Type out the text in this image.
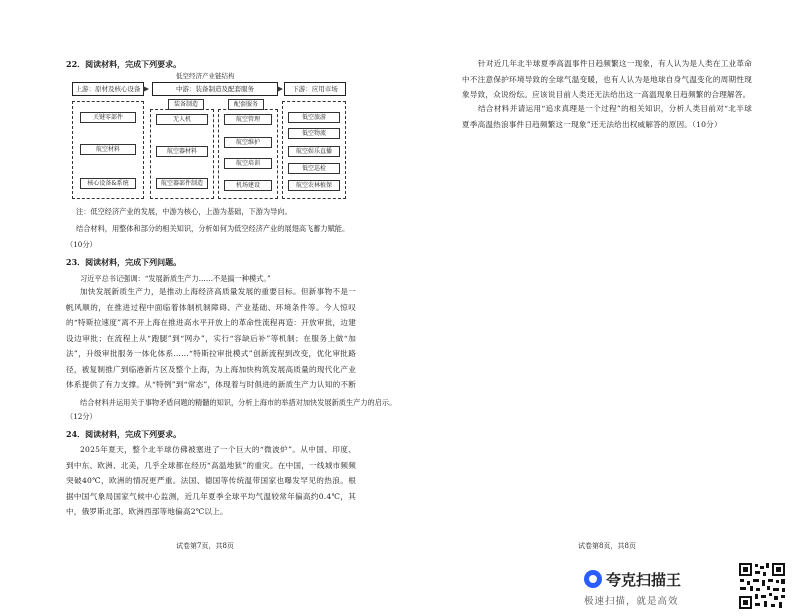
22．阅读材料，完成下列要求。
低空经济产业链结构
上游：原材及核心设备	中游：装备制造及配套服务	下游：应用市场
关键零部件
航空材料
核心设备&系统
装备制造	配套服务
无人机
航空器材料
航空器部件制造
航空管理
航空维护
航空培训
机场建设
低空旅游
低空物流
航空娱乐直播
低空巡检
航空农林植保
注：低空经济产业的发展，中游为核心，上游为基础，下游为导向。
结合材料，用整体和部分的相关知识，分析如何为低空经济产业的展翅高飞蓄力赋能。
（10分）
23．阅读材料，完成下列问题。
习近平总书记强调：“发展新质生产力……不是搞一种模式。”
加快发展新质生产力，是推动上海经济高质量发展的重要目标。但新事物不是一帆风顺的，在推进过程中面临着体制机制障碍、产业基础、环境条件等。今人惊叹的“特斯拉速度”离不开上海在推进高水平开放上的革命性流程再造：开放审批，边建设边审批；在流程上从“跑腿”到“网办”，实行“容缺后补”等机制；在服务上做“加法”，升级审批服务一体化体系……“特斯拉审批模式”创新流程到改变，优化审批路径，被复制推广到临港新片区及整个上海，为上海加快构筑发展高质量的现代化产业体系提供了有力支撑。从“特例”到“常态”，体现着与时俱进的新质生产力认知的不断
结合材料并运用关于事物矛盾问题的精髓的知识，分析上海市的举措对加快发展新质生产力的启示。
（12分）
24．阅读材料，完成下列要求。
2025年夏天，整个北半球仿佛被塞进了一个巨大的“微波炉”。从中国、印度、到中东、欧洲、北美，几乎全球都在经历“高温地狱”的重灾。在中国，一线城市频频突破40℃，欧洲的情况更严重。法国、德国等传统温带国家也曝发罕见的热浪。根据中国气象局国家气候中心监测，近几年夏季全球平均气温较常年偏高约0.4℃，其中，俄罗斯北部、欧洲西部等地偏高2℃以上。
试卷第7页，共8页
针对近几年北半球夏季高温事件日趋频繁这一现象，有人认为是人类在工业革命中不注意保护环境导致的全球气温变暖，也有人认为是地球自身气温变化的周期性现象导致，众说纷纭。应该说目前人类还无法给出这一高温现象日趋频繁的合理解答。
结合材料并请运用“追求真理是一个过程”的相关知识，分析人类目前对“北半球夏季高温热浪事件日趋频繁这一现象”还无法给出权威解答的原因。（10分）
试卷第8页，共8页
夸克扫描王
极速扫描，就是高效
